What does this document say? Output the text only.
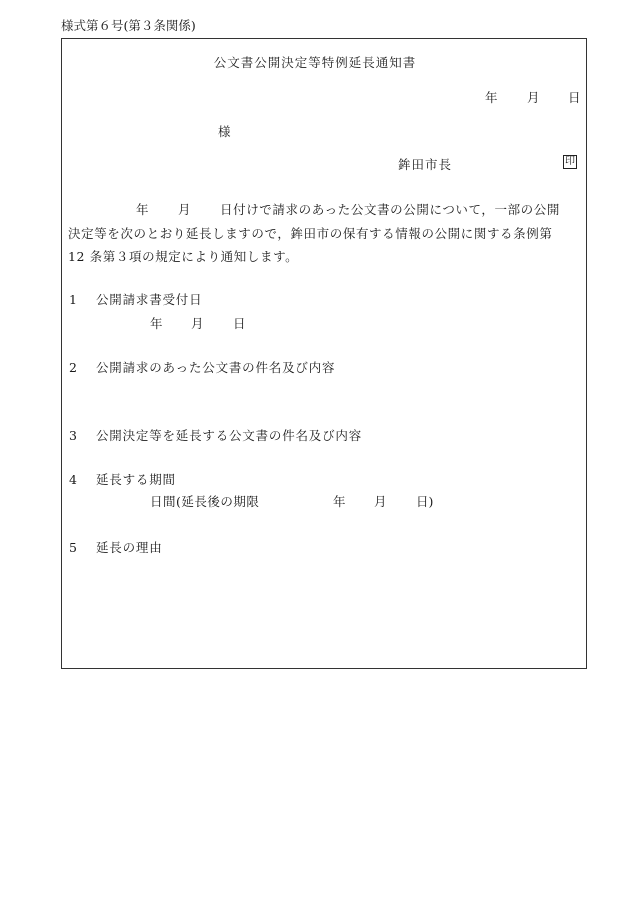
様式第６号(第３条関係)
公文書公開決定等特例延長通知書
年 月 日
様
鉾田市長	印
年 月 日付けで請求のあった公文書の公開について，一部の公開
決定等を次のとおり延長しますので，鉾田市の保有する情報の公開に関する条例第
12 条第３項の規定により通知します。
1 公開請求書受付日
年 月 日
2 公開請求のあった公文書の件名及び内容
3 公開決定等を延長する公文書の件名及び内容
4 延長する期間
日間(延長後の期限	年 月 日)
5 延長の理由
